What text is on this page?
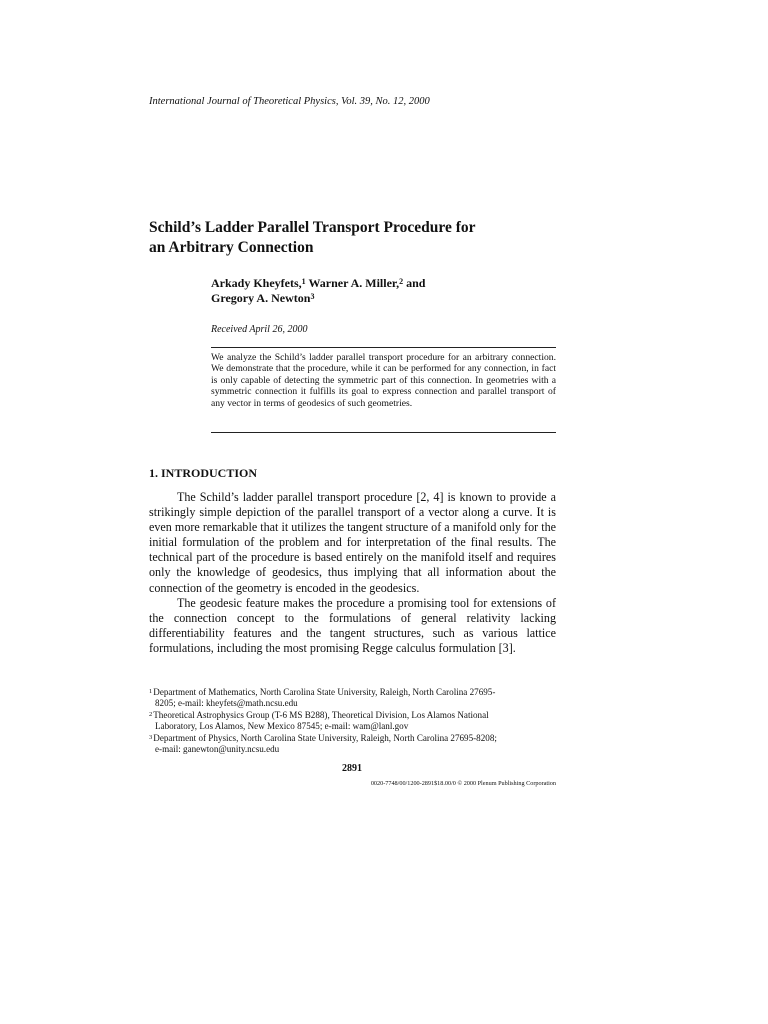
International Journal of Theoretical Physics, Vol. 39, No. 12, 2000

Schild’s Ladder Parallel Transport Procedure for
an Arbitrary Connection
Arkady Kheyfets,$^1$ Warner A. Miller,$^2$ and
Gregory A. Newton$^3$

Received April 26, 2000

We analyze the Schild’s ladder parallel transport procedure for an arbitrary connection. We demonstrate that the procedure, while it can be performed for any connection, in fact is only capable of detecting the symmetric part of this connection. In geometries with a symmetric connection it fulfills its goal to express connection and parallel transport of any vector in terms of geodesics of such geometries.

1. INTRODUCTION

The Schild’s ladder parallel transport procedure [2, 4] is known to provide a strikingly simple depiction of the parallel transport of a vector along a curve. It is even more remarkable that it utilizes the tangent structure of a manifold only for the initial formulation of the problem and for interpretation of the final results. The technical part of the procedure is based entirely on the manifold itself and requires only the knowledge of geodesics, thus implying that all information about the connection of the geometry is encoded in the geodesics.

The geodesic feature makes the procedure a promising tool for extensions of the connection concept to the formulations of general relativity lacking differentiability features and the tangent structures, such as various lattice formulations, including the most promising Regge calculus formulation [3].

$^1$Department of Mathematics, North Carolina State University, Raleigh, North Carolina 27695-
8205; e-mail: kheyfets@math.ncsu.edu

$^2$Theoretical Astrophysics Group (T-6 MS B288), Theoretical Division, Los Alamos National
Laboratory, Los Alamos, New Mexico 87545; e-mail: wam@lanl.gov

$^3$Department of Physics, North Carolina State University, Raleigh, North Carolina 27695-8208;
e-mail: ganewton@unity.ncsu.edu

2891

0020-7748/00/1200-2891$18.00/0 © 2000 Plenum Publishing Corporation
